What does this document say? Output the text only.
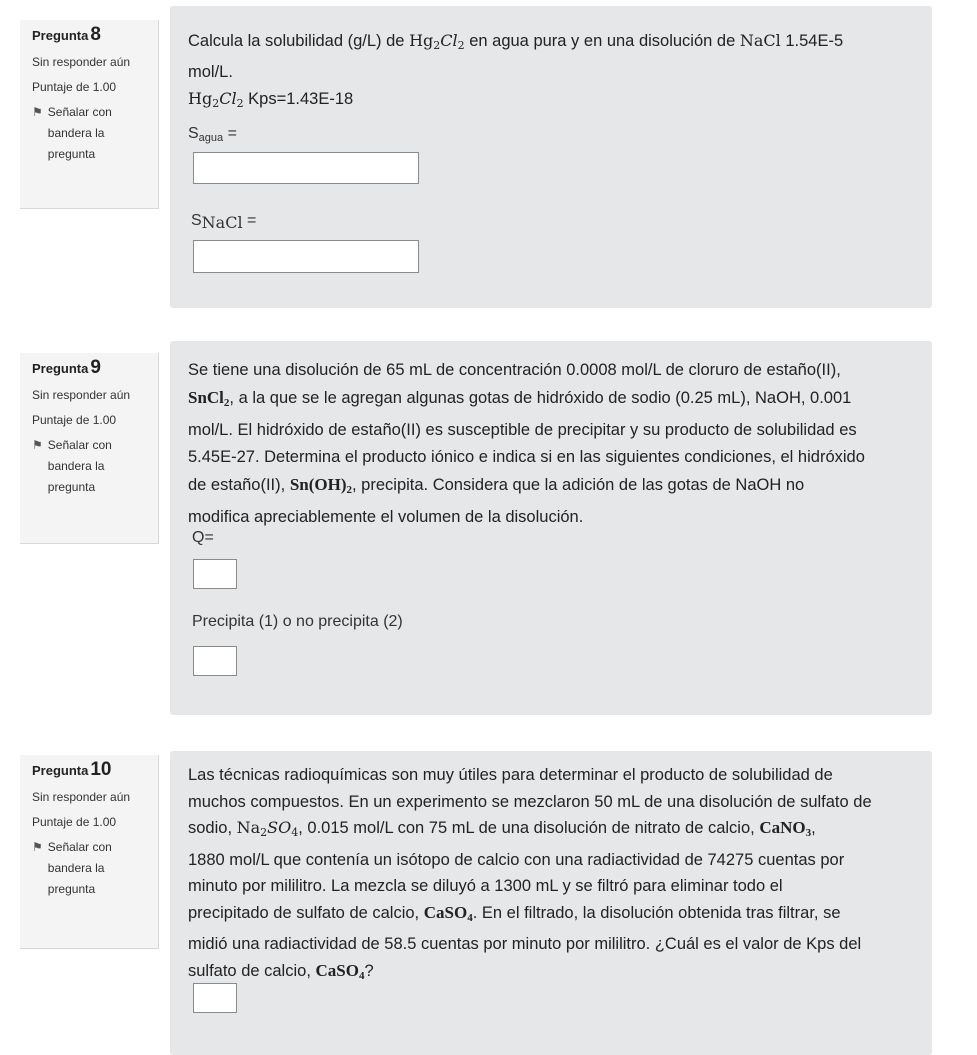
Pregunta 8
Sin responder aún
Puntaje de 1.00
⚑ Señalar con bandera la pregunta
Calcula la solubilidad (g/L) de $Hg_2Cl_2$ en agua pura y en una disolución de NaCl 1.54E-5
mol/L.
$Hg_2Cl_2$ Kps=1.43E-18
$S_{agua}$ =
$S_{NaCl}$ =
Pregunta 9
Sin responder aún
Puntaje de 1.00
⚑ Señalar con bandera la pregunta
Se tiene una disolución de 65 mL de concentración 0.0008 mol/L de cloruro de estaño(II),
SnCl$_2$, a la que se le agregan algunas gotas de hidróxido de sodio (0.25 mL), NaOH, 0.001
mol/L. El hidróxido de estaño(II) es susceptible de precipitar y su producto de solubilidad es
5.45E-27. Determina el producto iónico e indica si en las siguientes condiciones, el hidróxido
de estaño(II), $Sn(OH)_2$, precipita. Considera que la adición de las gotas de NaOH no
modifica apreciablemente el volumen de la disolución.
Q=
Precipita (1) o no precipita (2)
Pregunta 10
Sin responder aún
Puntaje de 1.00
⚑ Señalar con bandera la pregunta
Las técnicas radioquímicas son muy útiles para determinar el producto de solubilidad de
muchos compuestos. En un experimento se mezclaron 50 mL de una disolución de sulfato de
sodio, $Na_2SO_4$, 0.015 mol/L con 75 mL de una disolución de nitrato de calcio, CaNO$_3$,
1880 mol/L que contenía un isótopo de calcio con una radiactividad de 74275 cuentas por
minuto por mililitro. La mezcla se diluyó a 1300 mL y se filtró para eliminar todo el
precipitado de sulfato de calcio, CaSO$_4$. En el filtrado, la disolución obtenida tras filtrar, se
midió una radiactividad de 58.5 cuentas por minuto por mililitro. ¿Cuál es el valor de Kps del
sulfato de calcio, CaSO$_4$?
